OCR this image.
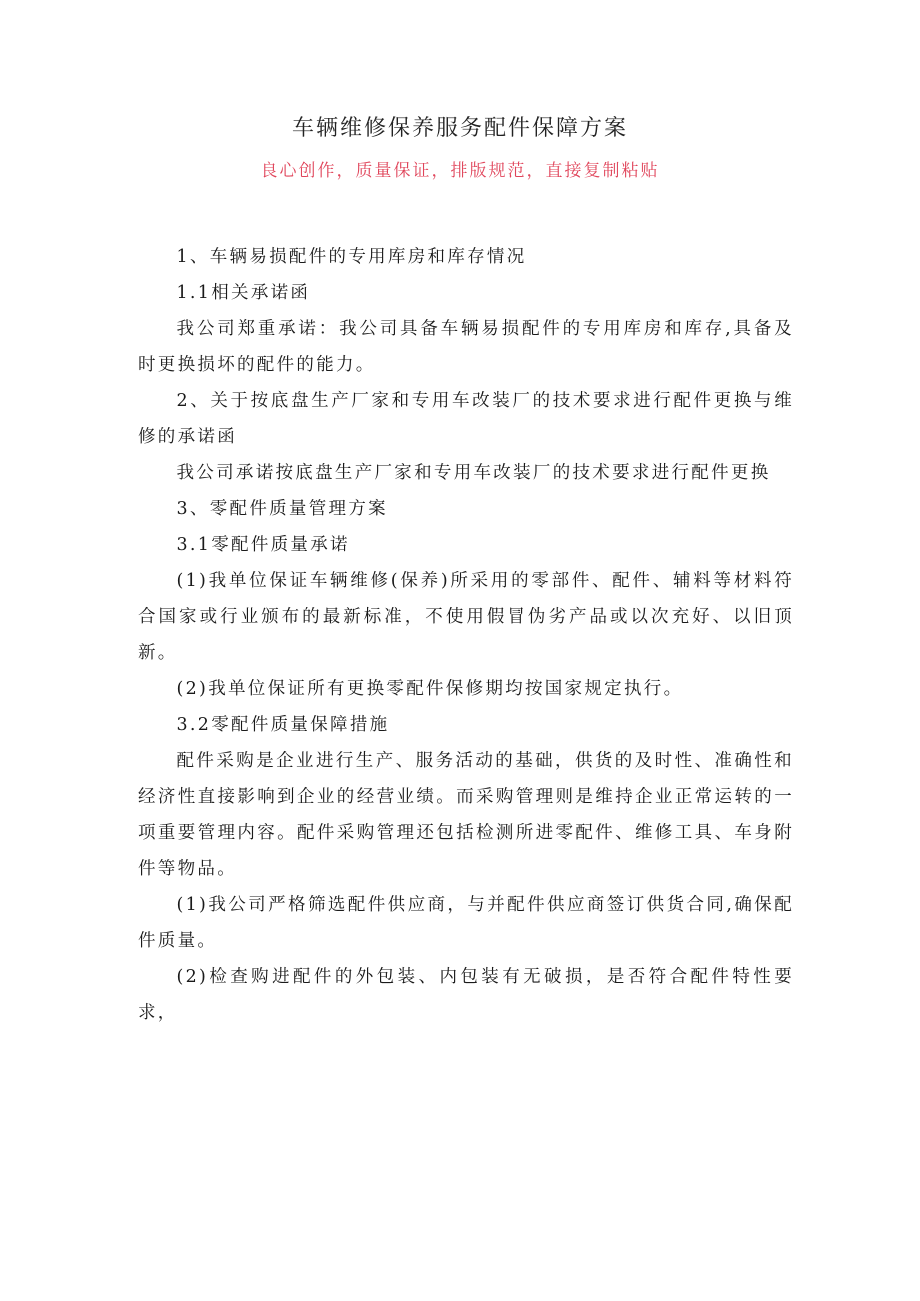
车辆维修保养服务配件保障方案
良心创作，质量保证，排版规范，直接复制粘贴

1、车辆易损配件的专用库房和库存情况

1.1相关承诺函

我公司郑重承诺：我公司具备车辆易损配件的专用库房和库存,具备及时更换损坏的配件的能力。

2、关于按底盘生产厂家和专用车改装厂的技术要求进行配件更换与维修的承诺函

我公司承诺按底盘生产厂家和专用车改装厂的技术要求进行配件更换

3、零配件质量管理方案

3.1零配件质量承诺

(1)我单位保证车辆维修(保养)所采用的零部件、配件、辅料等材料符合国家或行业颁布的最新标准，不使用假冒伪劣产品或以次充好、以旧顶新。

(2)我单位保证所有更换零配件保修期均按国家规定执行。

3.2零配件质量保障措施

配件采购是企业进行生产、服务活动的基础，供货的及时性、准确性和经济性直接影响到企业的经营业绩。而采购管理则是维持企业正常运转的一项重要管理内容。配件采购管理还包括检测所进零配件、维修工具、车身附件等物品。

(1)我公司严格筛选配件供应商，与并配件供应商签订供货合同,确保配件质量。

(2)检查购进配件的外包装、内包装有无破损，是否符合配件特性要求，
